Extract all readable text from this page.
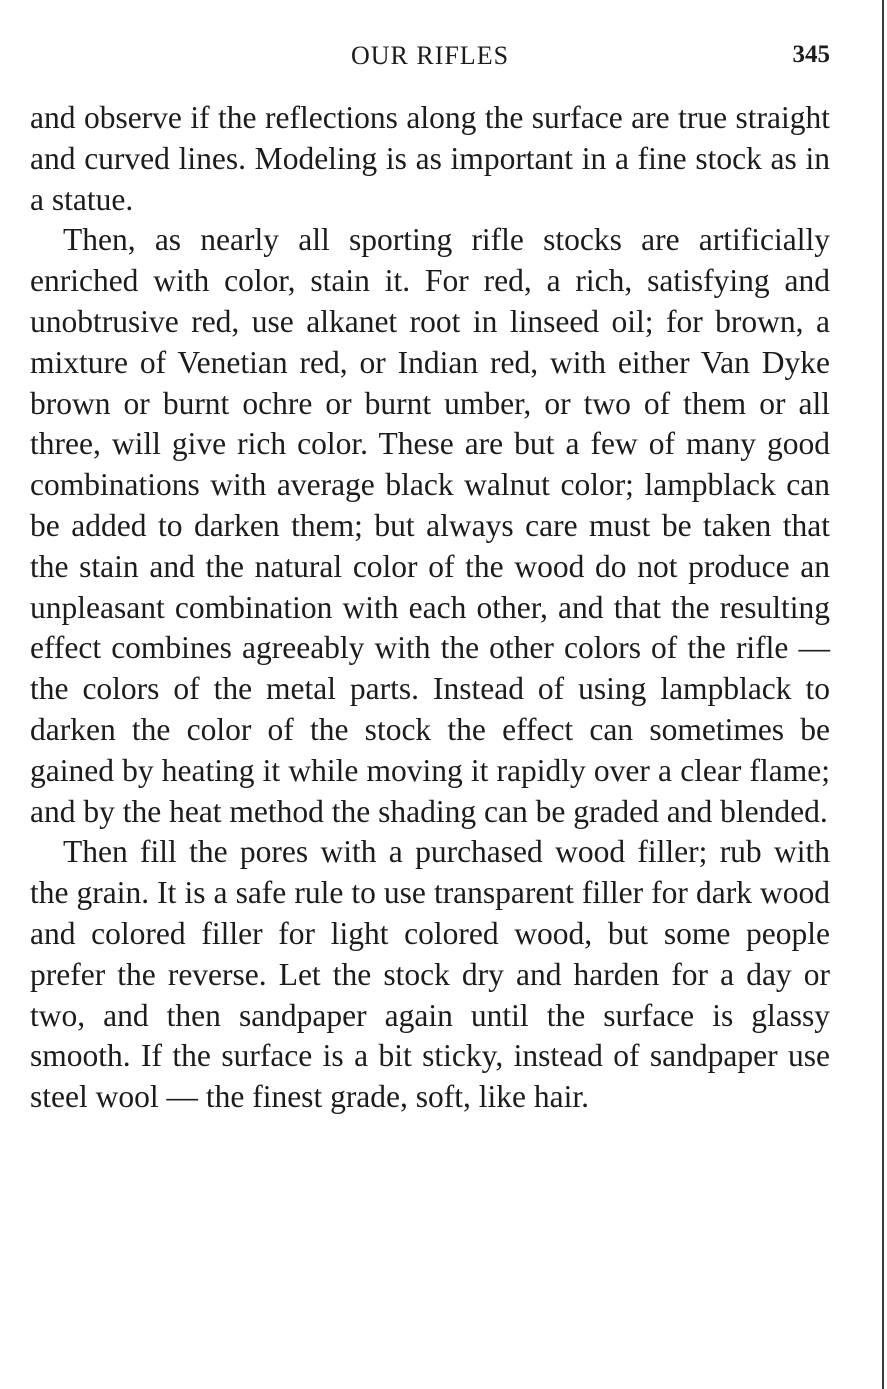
OUR RIFLES	345

and observe if the reflections along the surface are true straight and curved lines. Modeling is as important in a fine stock as in a statue.

Then, as nearly all sporting rifle stocks are artificially enriched with color, stain it. For red, a rich, satisfying and unobtrusive red, use alkanet root in linseed oil; for brown, a mixture of Venetian red, or Indian red, with either Van Dyke brown or burnt ochre or burnt umber, or two of them or all three, will give rich color. These are but a few of many good combinations with average black walnut color; lampblack can be added to darken them; but always care must be taken that the stain and the natural color of the wood do not produce an unpleasant combination with each other, and that the resulting effect combines agreeably with the other colors of the rifle — the colors of the metal parts. Instead of using lampblack to darken the color of the stock the effect can sometimes be gained by heating it while moving it rapidly over a clear flame; and by the heat method the shading can be graded and blended.

Then fill the pores with a purchased wood filler; rub with the grain. It is a safe rule to use transparent filler for dark wood and colored filler for light colored wood, but some people prefer the reverse. Let the stock dry and harden for a day or two, and then sandpaper again until the surface is glassy smooth. If the surface is a bit sticky, instead of sandpaper use steel wool — the finest grade, soft, like hair.
